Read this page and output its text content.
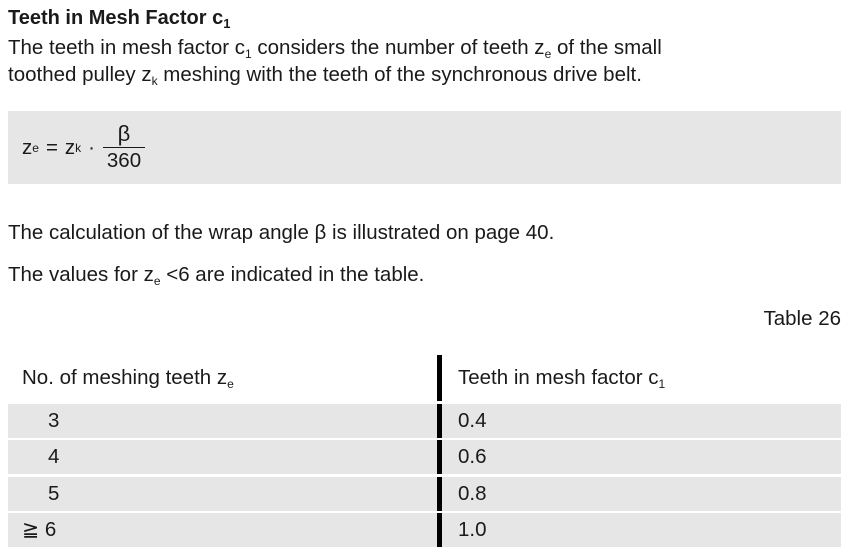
Teeth in Mesh Factor $c_1$
The teeth in mesh factor $c_1$ considers the number of teeth $z_e$ of the small
toothed pulley $z_k$ meshing with the teeth of the synchronous drive belt.
z e = z $k \cdot \frac{\beta}{360}$
The calculation of the wrap angle β is illustrated on page 40.
The values for $z_e <6$ are indicated in the table.
Table 26
No. of meshing teeth $z_e$	Teeth in mesh factor $c_1$
3	0.4
4	0.6
5	0.8
≧ 6	1.0
